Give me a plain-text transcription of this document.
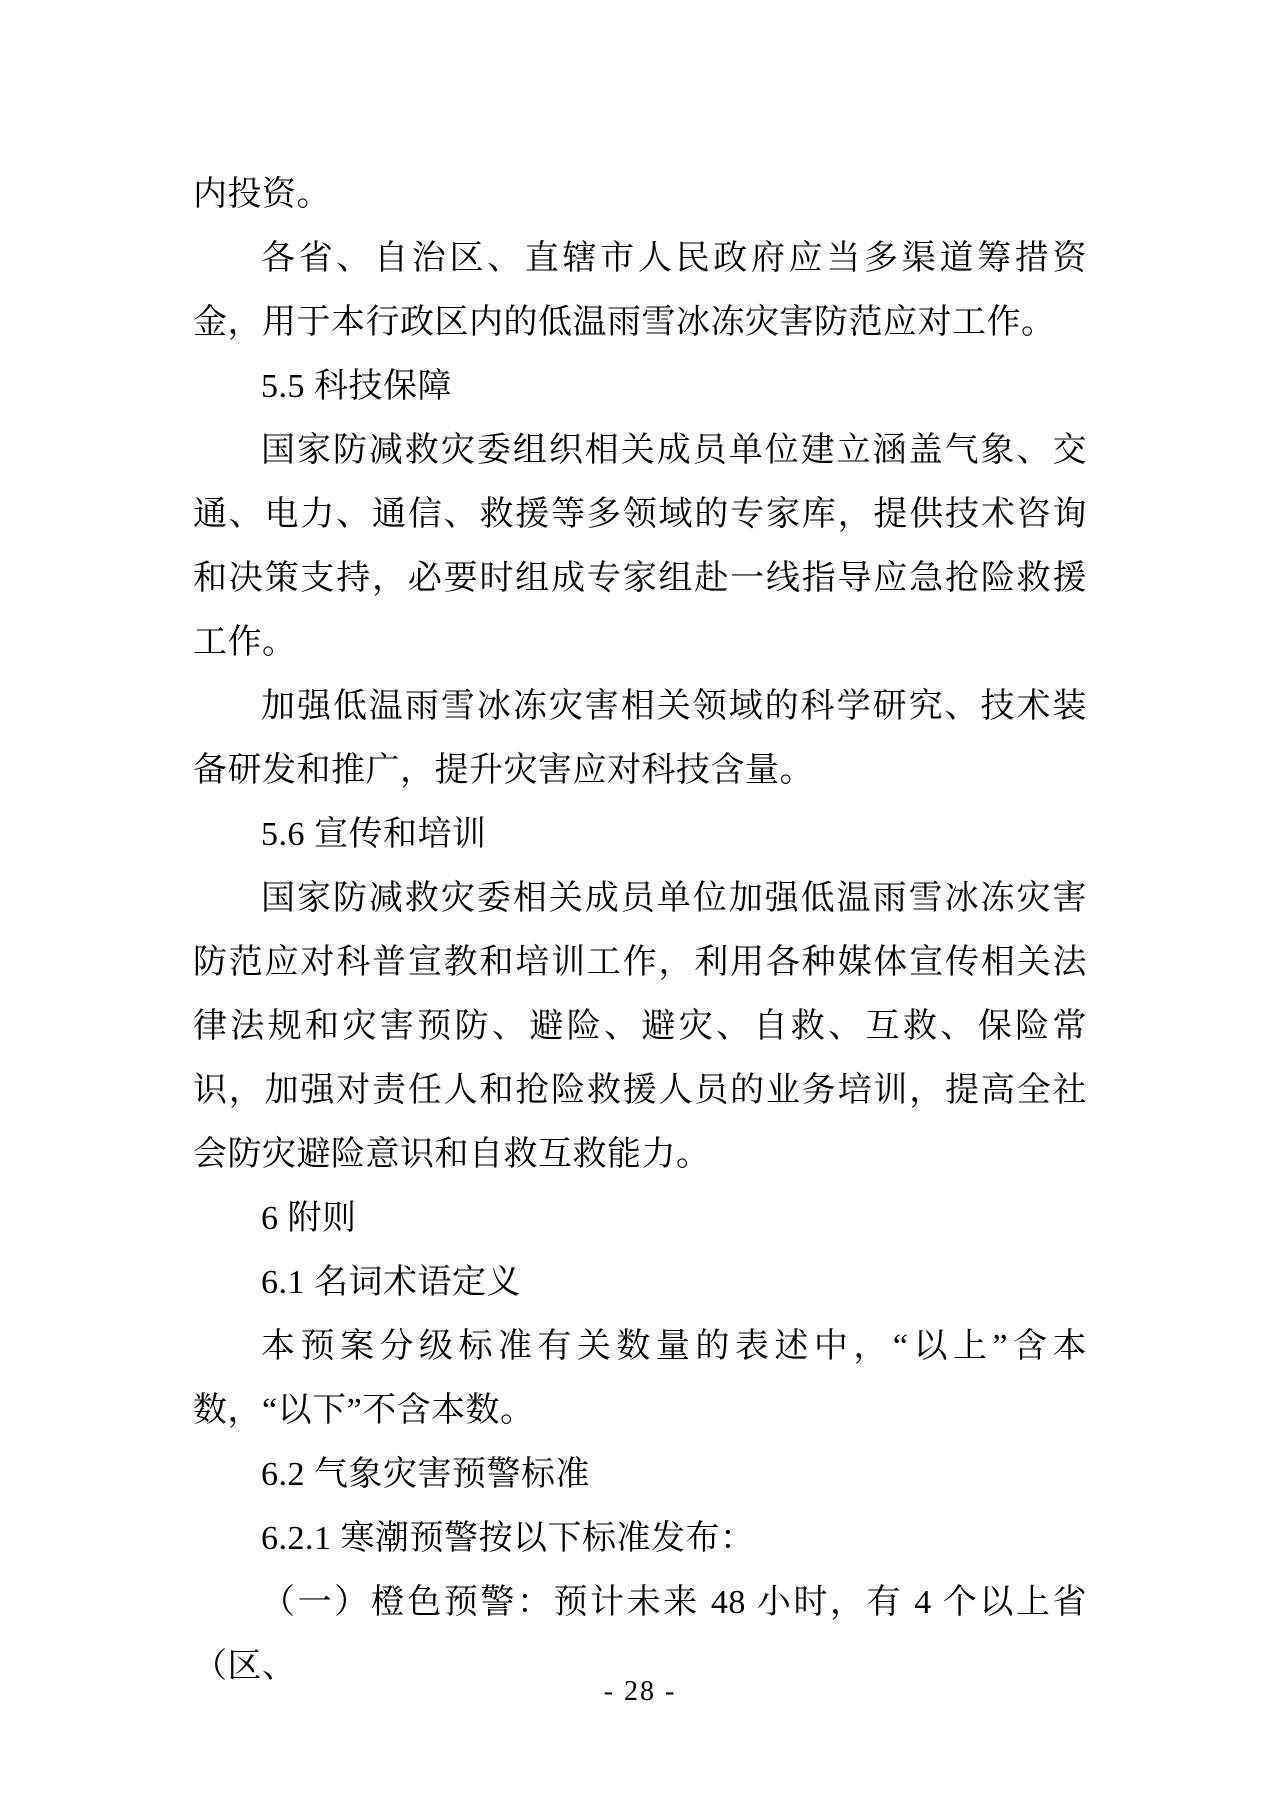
内投资。

各省、自治区、直辖市人民政府应当多渠道筹措资金，用于本行政区内的低温雨雪冰冻灾害防范应对工作。

5.5 科技保障

国家防减救灾委组织相关成员单位建立涵盖气象、交通、电力、通信、救援等多领域的专家库，提供技术咨询和决策支持，必要时组成专家组赴一线指导应急抢险救援工作。

加强低温雨雪冰冻灾害相关领域的科学研究、技术装备研发和推广，提升灾害应对科技含量。

5.6 宣传和培训

国家防减救灾委相关成员单位加强低温雨雪冰冻灾害防范应对科普宣教和培训工作，利用各种媒体宣传相关法律法规和灾害预防、避险、避灾、自救、互救、保险常识，加强对责任人和抢险救援人员的业务培训，提高全社会防灾避险意识和自救互救能力。

6 附则

6.1 名词术语定义

本预案分级标准有关数量的表述中，“以上”含本数，“以下”不含本数。

6.2 气象灾害预警标准

6.2.1 寒潮预警按以下标准发布：

（一）橙色预警：预计未来 48 小时，有 4 个以上省（区、

- 28 -
